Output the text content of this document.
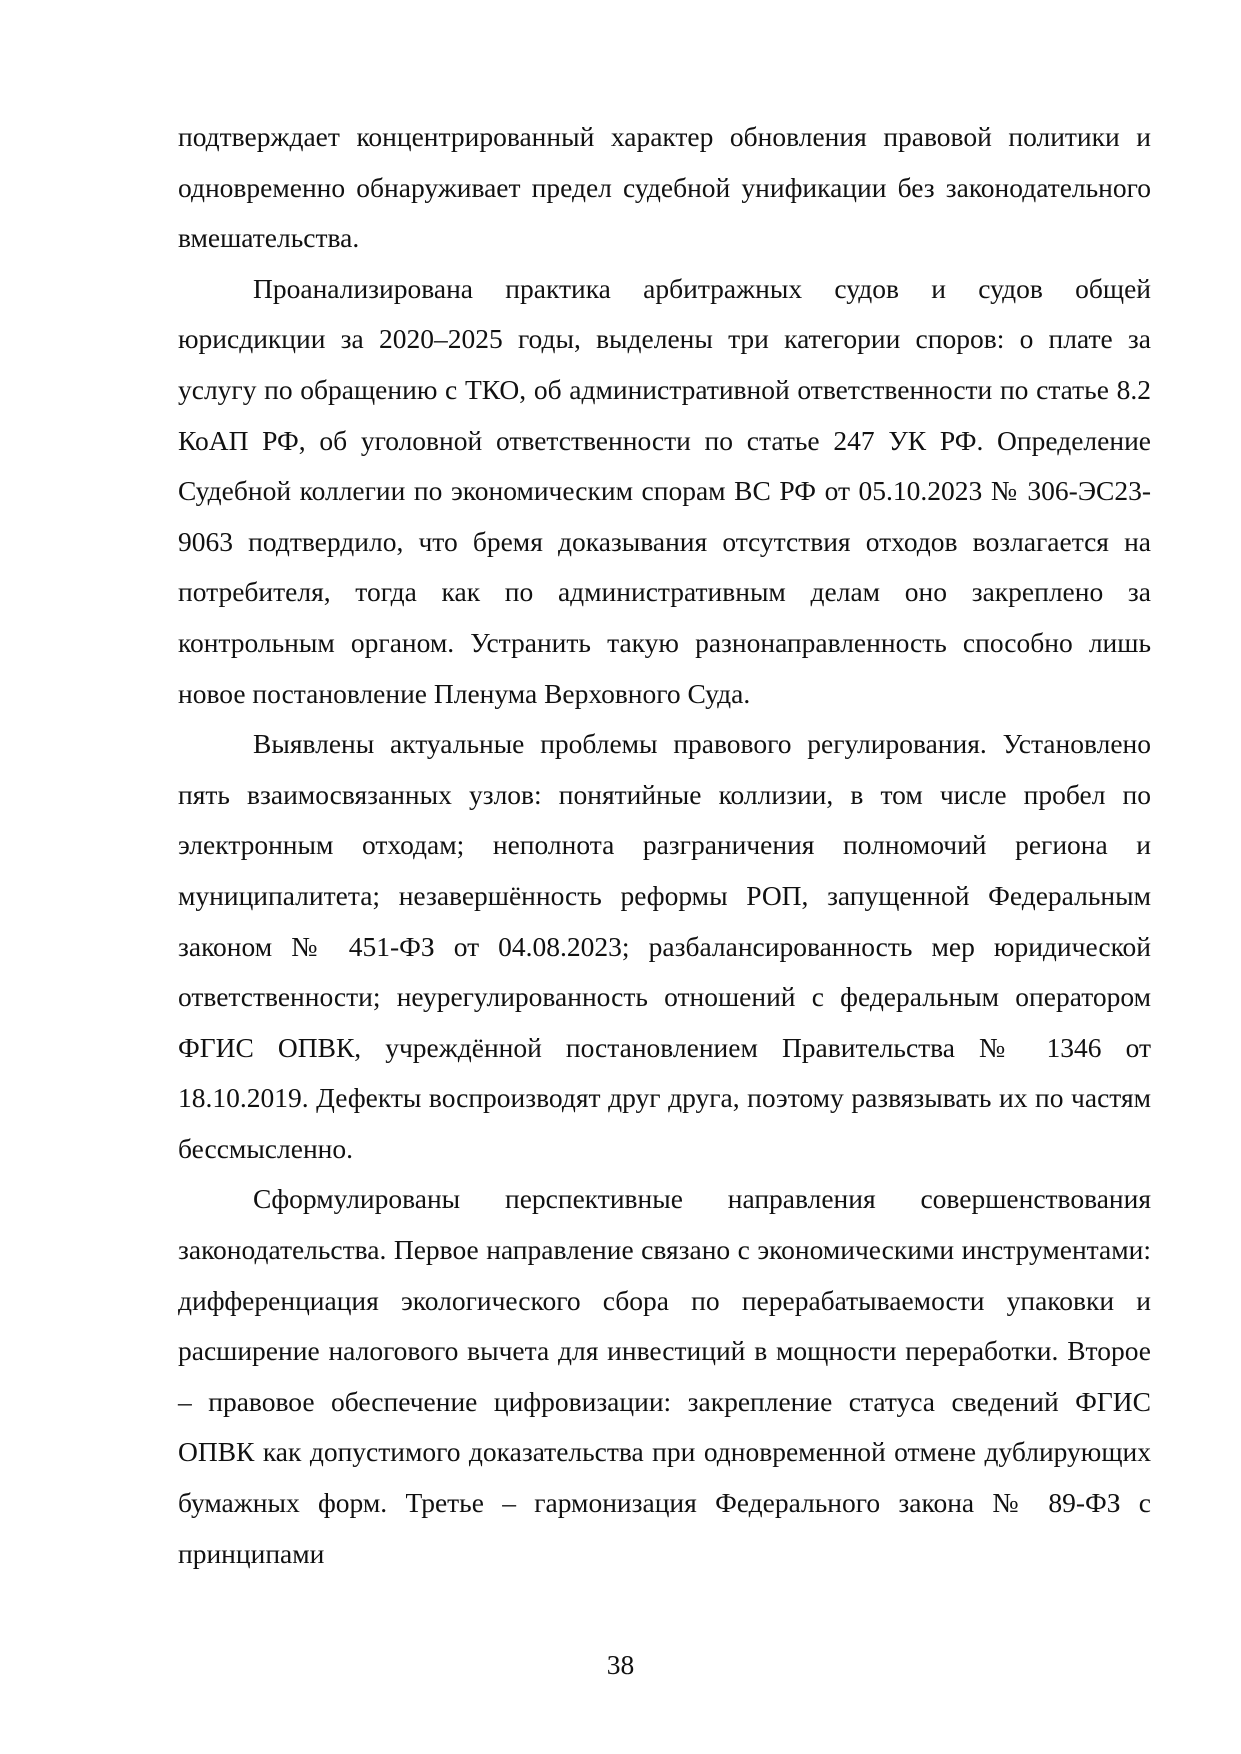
подтверждает концентрированный характер обновления правовой политики и одновременно обнаруживает предел судебной унификации без законодательного вмешательства.

Проанализирована практика арбитражных судов и судов общей юрисдикции за 2020–2025 годы, выделены три категории споров: о плате за услугу по обращению с ТКО, об административной ответственности по статье 8.2 КоАП РФ, об уголовной ответственности по статье 247 УК РФ. Определение Судебной коллегии по экономическим спорам ВС РФ от 05.10.2023 № 306-ЭС23-9063 подтвердило, что бремя доказывания отсутствия отходов возлагается на потребителя, тогда как по административным делам оно закреплено за контрольным органом. Устранить такую разнонаправленность способно лишь новое постановление Пленума Верховного Суда.

Выявлены актуальные проблемы правового регулирования. Установлено пять взаимосвязанных узлов: понятийные коллизии, в том числе пробел по электронным отходам; неполнота разграничения полномочий региона и муниципалитета; незавершённость реформы РОП, запущенной Федеральным законом № 451-ФЗ от 04.08.2023; разбалансированность мер юридической ответственности; неурегулированность отношений с федеральным оператором ФГИС ОПВК, учреждённой постановлением Правительства № 1346 от 18.10.2019. Дефекты воспроизводят друг друга, поэтому развязывать их по частям бессмысленно.

Сформулированы перспективные направления совершенствования законодательства. Первое направление связано с экономическими инструментами: дифференциация экологического сбора по перерабатываемости упаковки и расширение налогового вычета для инвестиций в мощности переработки. Второе – правовое обеспечение цифровизации: закрепление статуса сведений ФГИС ОПВК как допустимого доказательства при одновременной отмене дублирующих бумажных форм. Третье – гармонизация Федерального закона № 89-ФЗ с принципами

38
